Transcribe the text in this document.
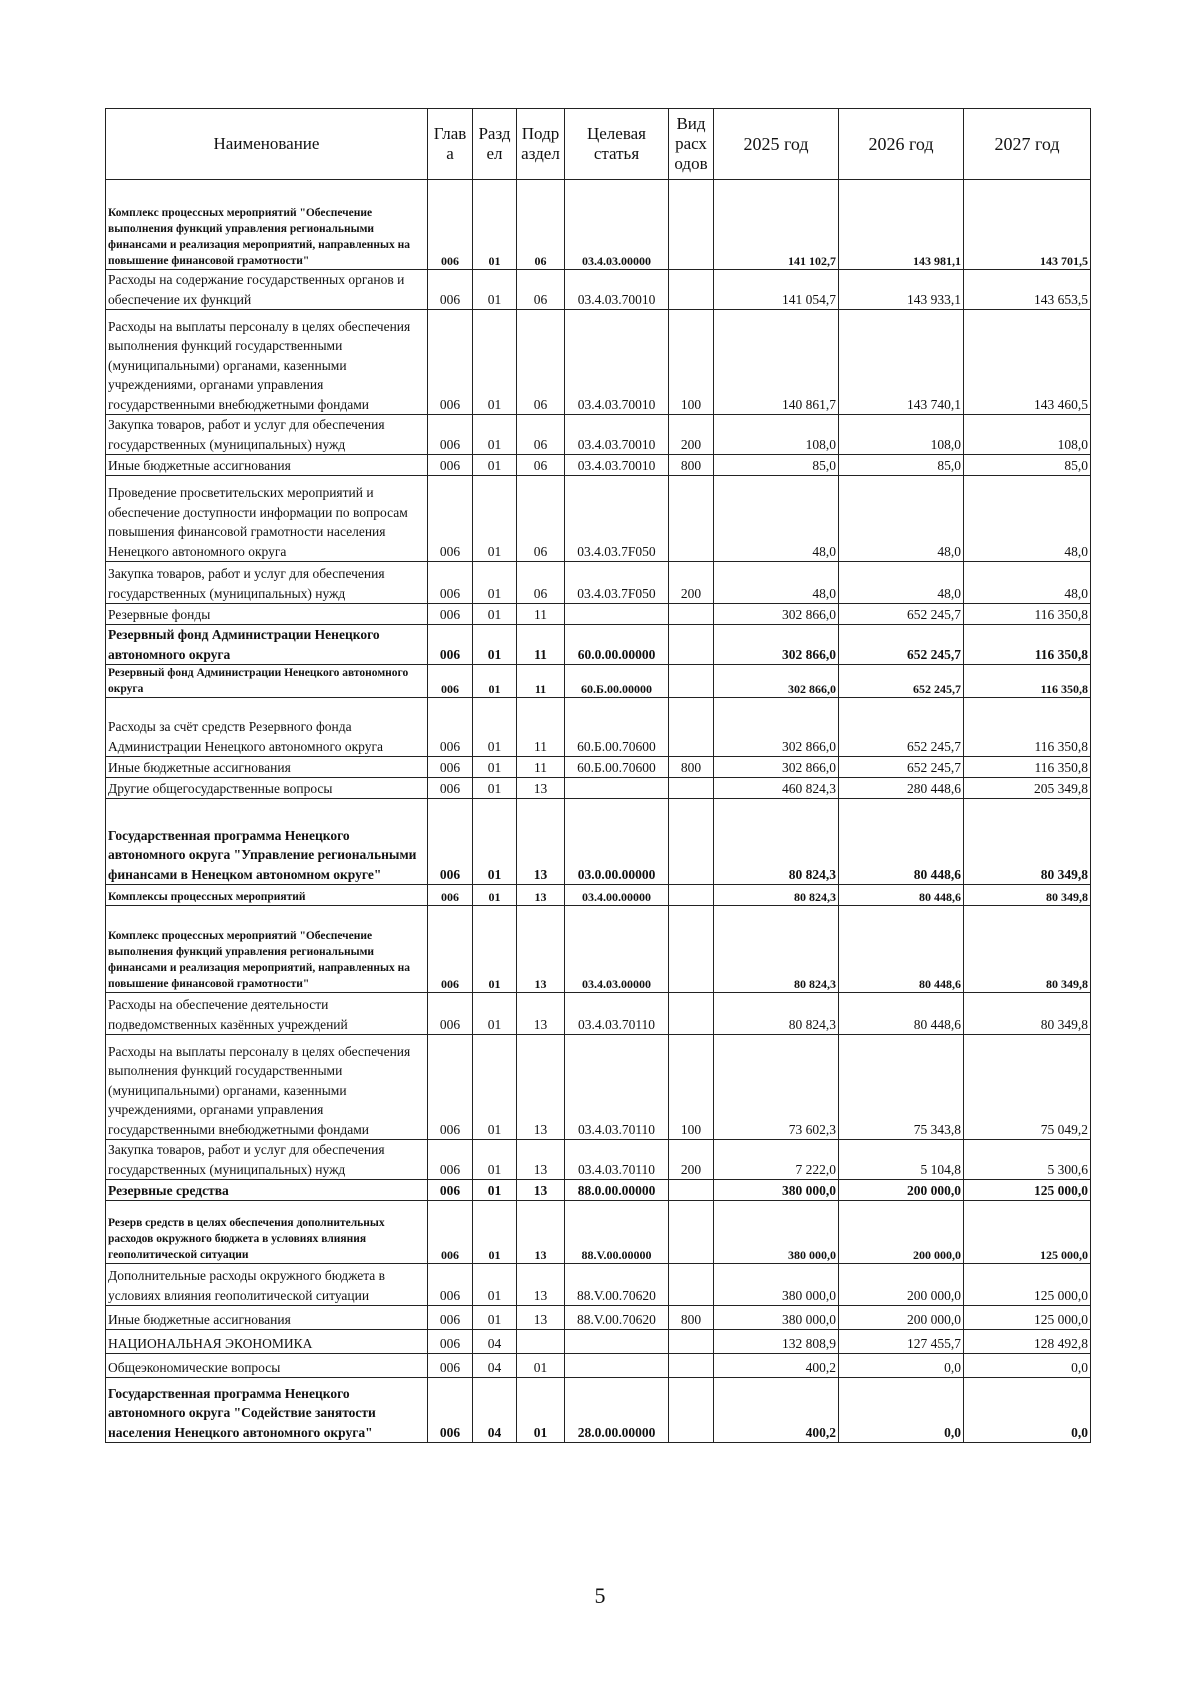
Наименование	Глав а	Разд ел	Подр аздел	Целевая статья	Вид расх одов	2025 год	2026 год	2027 год
Комплекс процессных мероприятий "Обеспечение выполнения функций управления региональными финансами и реализация мероприятий, направленных на повышение финансовой грамотности"	006	01	06	03.4.03.00000		141 102,7	143 981,1	143 701,5
Расходы на содержание государственных органов и обеспечение их функций	006	01	06	03.4.03.70010		141 054,7	143 933,1	143 653,5
Расходы на выплаты персоналу в целях обеспечения выполнения функций государственными (муниципальными) органами, казенными учреждениями, органами управления государственными внебюджетными фондами	006	01	06	03.4.03.70010	100	140 861,7	143 740,1	143 460,5
Закупка товаров, работ и услуг для обеспечения государственных (муниципальных) нужд	006	01	06	03.4.03.70010	200	108,0	108,0	108,0
Иные бюджетные ассигнования	006	01	06	03.4.03.70010	800	85,0	85,0	85,0
Проведение просветительских мероприятий и обеспечение доступности информации по вопросам повышения финансовой грамотности населения Ненецкого автономного округа	006	01	06	03.4.03.7F050		48,0	48,0	48,0
Закупка товаров, работ и услуг для обеспечения государственных (муниципальных) нужд	006	01	06	03.4.03.7F050	200	48,0	48,0	48,0
Резервные фонды	006	01	11			302 866,0	652 245,7	116 350,8
Резервный фонд Администрации Ненецкого автономного округа	006	01	11	60.0.00.00000		302 866,0	652 245,7	116 350,8
Резервный фонд Администрации Ненецкого автономного округа	006	01	11	60.Б.00.00000		302 866,0	652 245,7	116 350,8
Расходы за счёт средств Резервного фонда Администрации Ненецкого автономного округа	006	01	11	60.Б.00.70600		302 866,0	652 245,7	116 350,8
Иные бюджетные ассигнования	006	01	11	60.Б.00.70600	800	302 866,0	652 245,7	116 350,8
Другие общегосударственные вопросы	006	01	13			460 824,3	280 448,6	205 349,8
Государственная программа Ненецкого автономного округа "Управление региональными финансами в Ненецком автономном округе"	006	01	13	03.0.00.00000		80 824,3	80 448,6	80 349,8
Комплексы процессных мероприятий	006	01	13	03.4.00.00000		80 824,3	80 448,6	80 349,8
Комплекс процессных мероприятий "Обеспечение выполнения функций управления региональными финансами и реализация мероприятий, направленных на повышение финансовой грамотности"	006	01	13	03.4.03.00000		80 824,3	80 448,6	80 349,8
Расходы на обеспечение деятельности подведомственных казённых учреждений	006	01	13	03.4.03.70110		80 824,3	80 448,6	80 349,8
Расходы на выплаты персоналу в целях обеспечения выполнения функций государственными (муниципальными) органами, казенными учреждениями, органами управления государственными внебюджетными фондами	006	01	13	03.4.03.70110	100	73 602,3	75 343,8	75 049,2
Закупка товаров, работ и услуг для обеспечения государственных (муниципальных) нужд	006	01	13	03.4.03.70110	200	7 222,0	5 104,8	5 300,6
Резервные средства	006	01	13	88.0.00.00000		380 000,0	200 000,0	125 000,0
Резерв средств в целях обеспечения дополнительных расходов окружного бюджета в условиях влияния геополитической ситуации	006	01	13	88.V.00.00000		380 000,0	200 000,0	125 000,0
Дополнительные расходы окружного бюджета в условиях влияния геополитической ситуации	006	01	13	88.V.00.70620		380 000,0	200 000,0	125 000,0
Иные бюджетные ассигнования	006	01	13	88.V.00.70620	800	380 000,0	200 000,0	125 000,0
НАЦИОНАЛЬНАЯ ЭКОНОМИКА	006	04				132 808,9	127 455,7	128 492,8
Общеэкономические вопросы	006	04	01			400,2	0,0	0,0
Государственная программа Ненецкого автономного округа "Содействие занятости населения Ненецкого автономного округа"	006	04	01	28.0.00.00000		400,2	0,0	0,0
5
